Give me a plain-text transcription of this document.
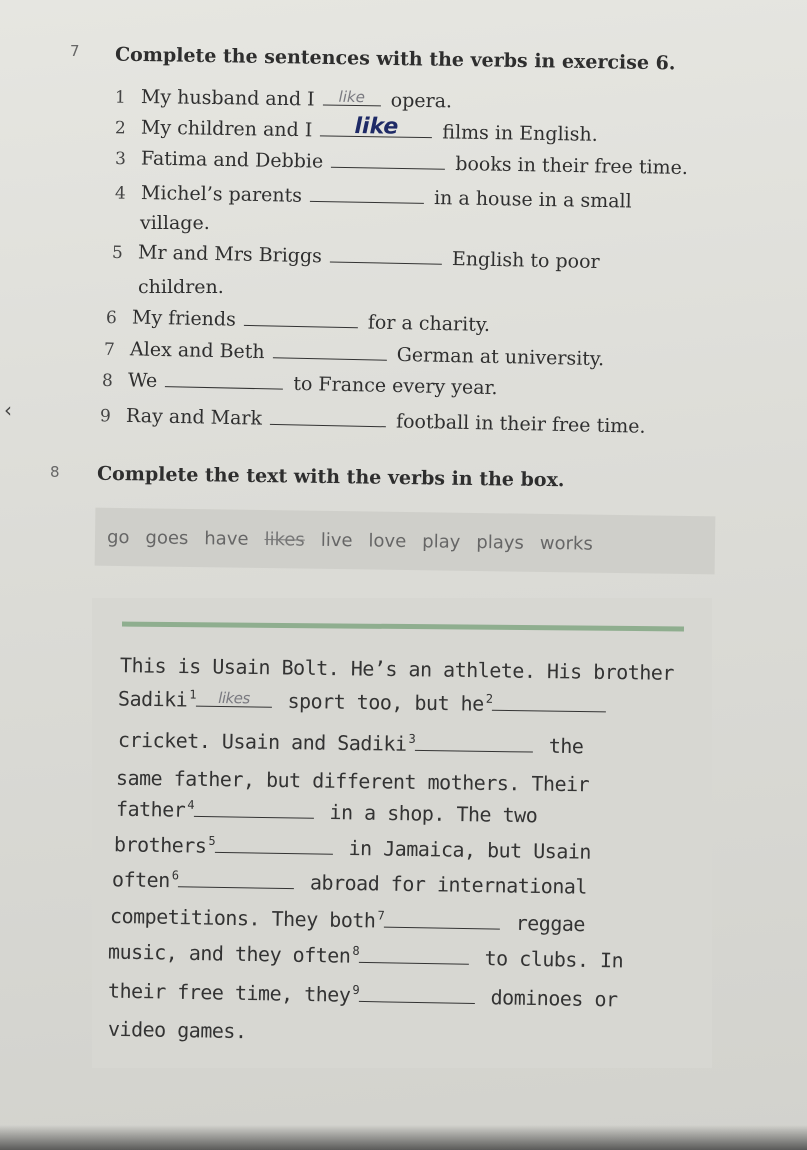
‹
7 Complete the sentences with the verbs in exercise 6.
1 My husband and I	like	opera.
2 My children and I	like	films in English.
3 Fatima and Debbie	books in their free time.
4 Michel’s parents	in a house in a small
village.
5 Mr and Mrs Briggs	English to poor
children.
6 My friends	for a charity.
7 Alex and Beth	German at university.
8 We	to France every year.
9 Ray and Mark	football in their free time.
8 Complete the text with the verbs in the box.
go goes have likes live love play plays works
This is Usain Bolt. He’s an athlete. His brother
Sadiki $^1$	likes	sport too, but he $^2$
cricket. Usain and Sadiki $^3$	the
same father, but different mothers. Their
father $^4$	in a shop. The two
brothers $^5$	in Jamaica, but Usain
often $^6$	abroad for international
competitions. They both $^7$	reggae
music, and they often $^8$	to clubs. In
their free time, they $^9$	dominoes or
video games.
